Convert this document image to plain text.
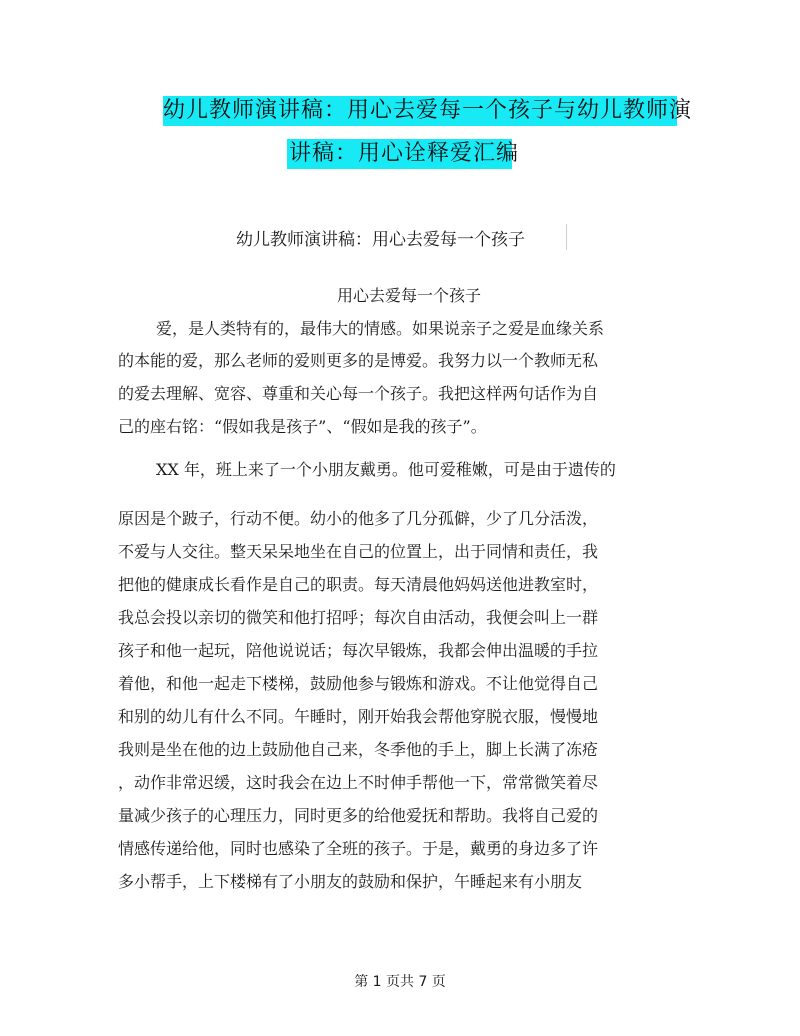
幼儿教师演讲稿：用心去爱每一个孩子与幼儿教师演
讲稿：用心诠释爱汇编
幼儿教师演讲稿：用心去爱每一个孩子
用心去爱每一个孩子
爱，是人类特有的，最伟大的情感。如果说亲子之爱是血缘关系
的本能的爱，那么老师的爱则更多的是博爱。我努力以一个教师无私
的爱去理解、宽容、尊重和关心每一个孩子。我把这样两句话作为自
己的座右铭：“假如我是孩子”、“假如是我的孩子”。
XX 年，班上来了一个小朋友戴勇。他可爱稚嫩，可是由于遗传的
原因是个跛子，行动不便。幼小的他多了几分孤僻，少了几分活泼，
不爱与人交往。整天呆呆地坐在自己的位置上，出于同情和责任，我
把他的健康成长看作是自己的职责。每天清晨他妈妈送他进教室时，
我总会投以亲切的微笑和他打招呼；每次自由活动，我便会叫上一群
孩子和他一起玩，陪他说说话；每次早锻炼，我都会伸出温暖的手拉
着他，和他一起走下楼梯，鼓励他参与锻炼和游戏。不让他觉得自己
和别的幼儿有什么不同。午睡时，刚开始我会帮他穿脱衣服，慢慢地
我则是坐在他的边上鼓励他自己来，冬季他的手上，脚上长满了冻疮
，动作非常迟缓，这时我会在边上不时伸手帮他一下，常常微笑着尽
量减少孩子的心理压力，同时更多的给他爱抚和帮助。我将自己爱的
情感传递给他，同时也感染了全班的孩子。于是，戴勇的身边多了许
多小帮手，上下楼梯有了小朋友的鼓励和保护，午睡起来有小朋友
第 1 页共 7 页
